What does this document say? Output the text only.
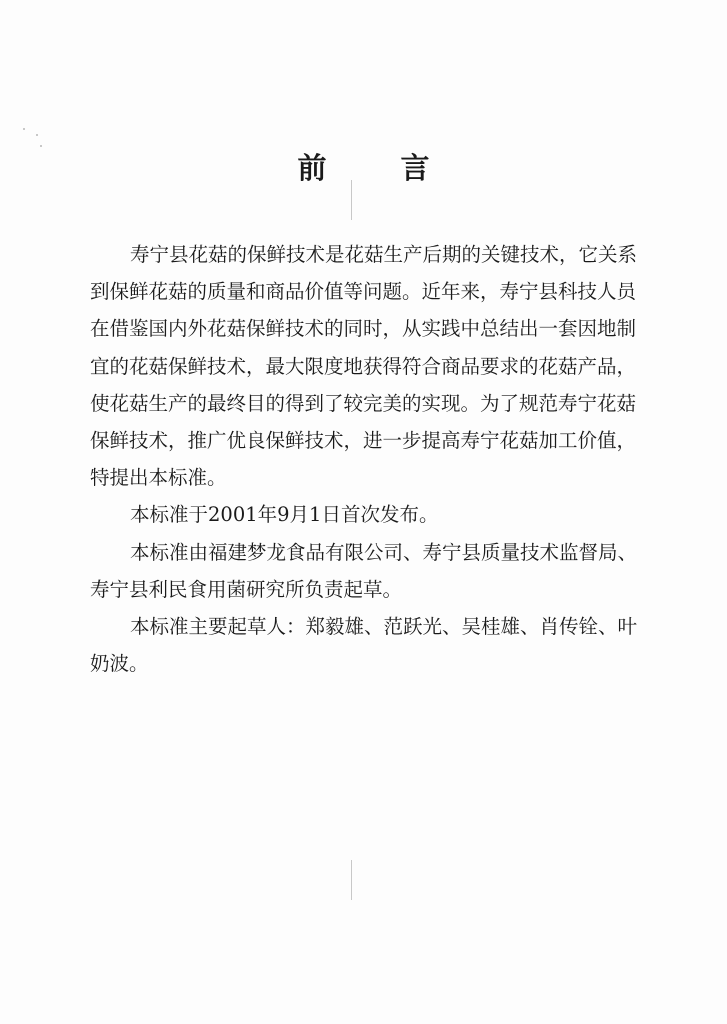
前 言
寿宁县花菇的保鲜技术是花菇生产后期的关键技术，它关系
到保鲜花菇的质量和商品价值等问题。近年来，寿宁县科技人员
在借鉴国内外花菇保鲜技术的同时，从实践中总结出一套因地制
宜的花菇保鲜技术，最大限度地获得符合商品要求的花菇产品，
使花菇生产的最终目的得到了较完美的实现。为了规范寿宁花菇
保鲜技术，推广优良保鲜技术，进一步提高寿宁花菇加工价值，
特提出本标准。
本标准于2001年9月1日首次发布。
本标准由福建梦龙食品有限公司、寿宁县质量技术监督局、
寿宁县利民食用菌研究所负责起草。
本标准主要起草人：郑毅雄、范跃光、吴桂雄、肖传铨、叶
奶波。
